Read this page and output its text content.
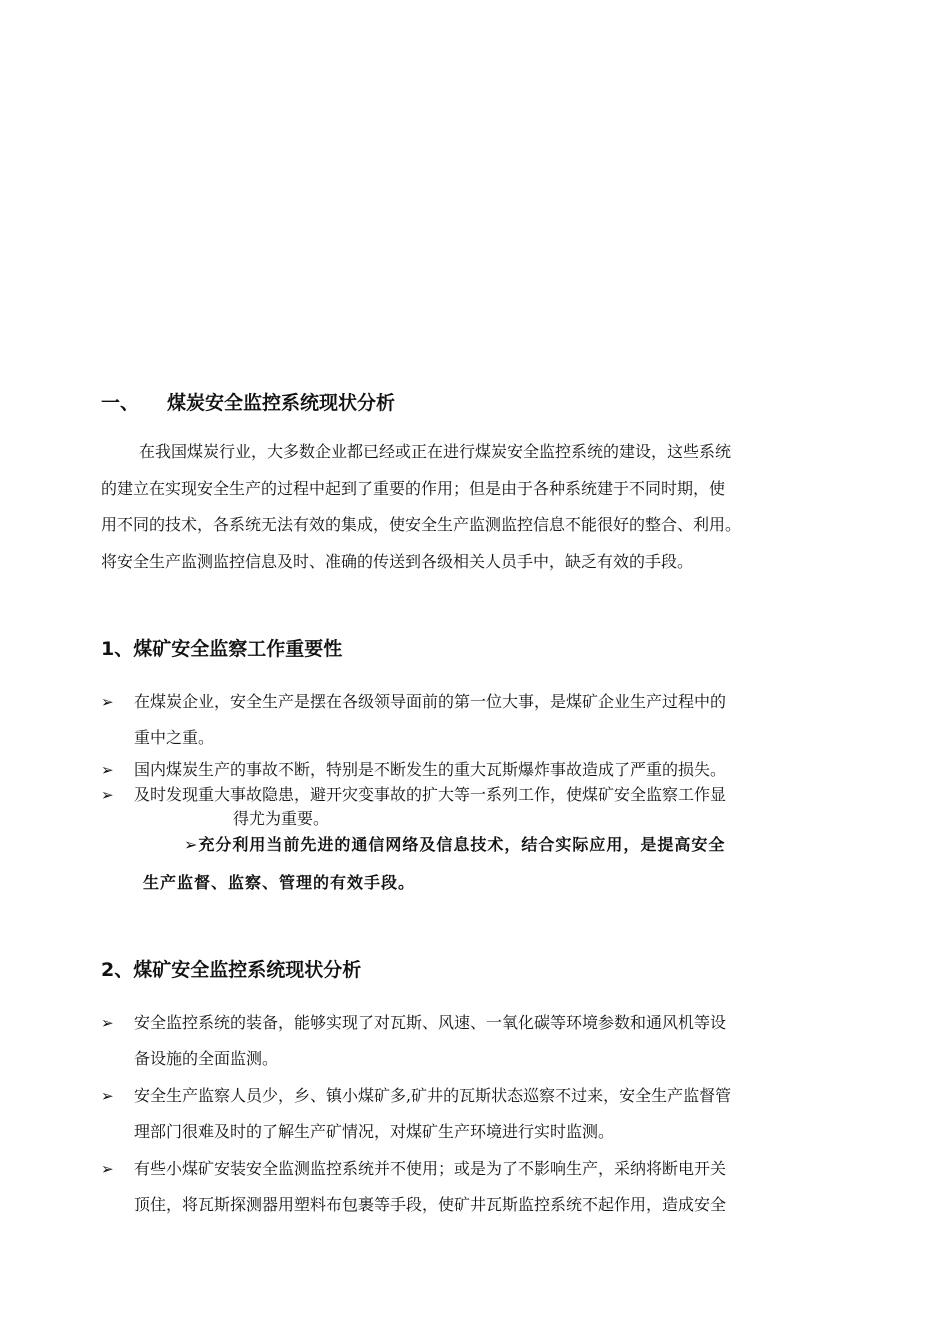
一、 煤炭安全监控系统现状分析
在我国煤炭行业，大多数企业都已经或正在进行煤炭安全监控系统的建设，这些系统
的建立在实现安全生产的过程中起到了重要的作用；但是由于各种系统建于不同时期，使
用不同的技术，各系统无法有效的集成，使安全生产监测监控信息不能很好的整合、利用。
将安全生产监测监控信息及时、准确的传送到各级相关人员手中，缺乏有效的手段。
1、煤矿安全监察工作重要性
➢	在煤炭企业，安全生产是摆在各级领导面前的第一位大事，是煤矿企业生产过程中的
重中之重。
➢	国内煤炭生产的事故不断，特别是不断发生的重大瓦斯爆炸事故造成了严重的损失。
➢	及时发现重大事故隐患，避开灾变事故的扩大等一系列工作，使煤矿安全监察工作显
得尤为重要。
➢充分利用当前先进的通信网络及信息技术，结合实际应用，是提高安全
生产监督、监察、管理的有效手段。
2、煤矿安全监控系统现状分析
➢	安全监控系统的装备，能够实现了对瓦斯、风速、一氧化碳等环境参数和通风机等设
备设施的全面监测。
➢	安全生产监察人员少，乡、镇小煤矿多,矿井的瓦斯状态巡察不过来，安全生产监督管
理部门很难及时的了解生产矿情况，对煤矿生产环境进行实时监测。
➢	有些小煤矿安装安全监测监控系统并不使用；或是为了不影响生产，采纳将断电开关
顶住，将瓦斯探测器用塑料布包裹等手段，使矿井瓦斯监控系统不起作用，造成安全
